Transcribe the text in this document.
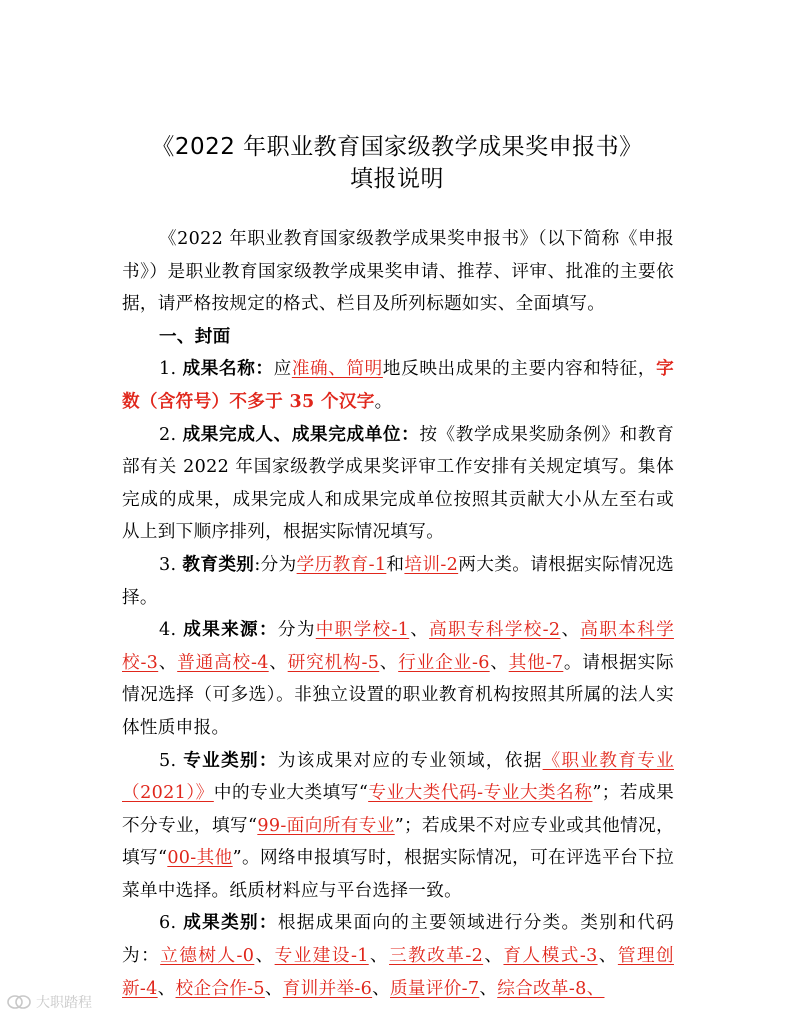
《2022 年职业教育国家级教学成果奖申报书》
填报说明

《2022 年职业教育国家级教学成果奖申报书》（以下简称《申报书》）是职业教育国家级教学成果奖申请、推荐、评审、批准的主要依据，请严格按规定的格式、栏目及所列标题如实、全面填写。

一、封面

1. 成果名称：应准确、简明地反映出成果的主要内容和特征，字数（含符号）不多于 35 个汉字。

2. 成果完成人、成果完成单位：按《教学成果奖励条例》和教育部有关 2022 年国家级教学成果奖评审工作安排有关规定填写。集体完成的成果，成果完成人和成果完成单位按照其贡献大小从左至右或从上到下顺序排列，根据实际情况填写。

3. 教育类别:分为学历教育-1和培训-2两大类。请根据实际情况选择。

4. 成果来源：分为中职学校-1、高职专科学校-2、高职本科学校-3、普通高校-4、研究机构-5、行业企业-6、其他-7。请根据实际情况选择（可多选）。非独立设置的职业教育机构按照其所属的法人实体性质申报。

5. 专业类别：为该成果对应的专业领域，依据《职业教育专业（2021）》中的专业大类填写“专业大类代码-专业大类名称”；若成果不分专业，填写“99-面向所有专业”；若成果不对应专业或其他情况，填写“00-其他”。网络申报填写时，根据实际情况，可在评选平台下拉菜单中选择。纸质材料应与平台选择一致。

6. 成果类别：根据成果面向的主要领域进行分类。类别和代码为：立德树人-0、专业建设-1、三教改革-2、育人模式-3、管理创新-4、校企合作-5、育训并举-6、质量评价-7、综合改革-8、

大职踏程
